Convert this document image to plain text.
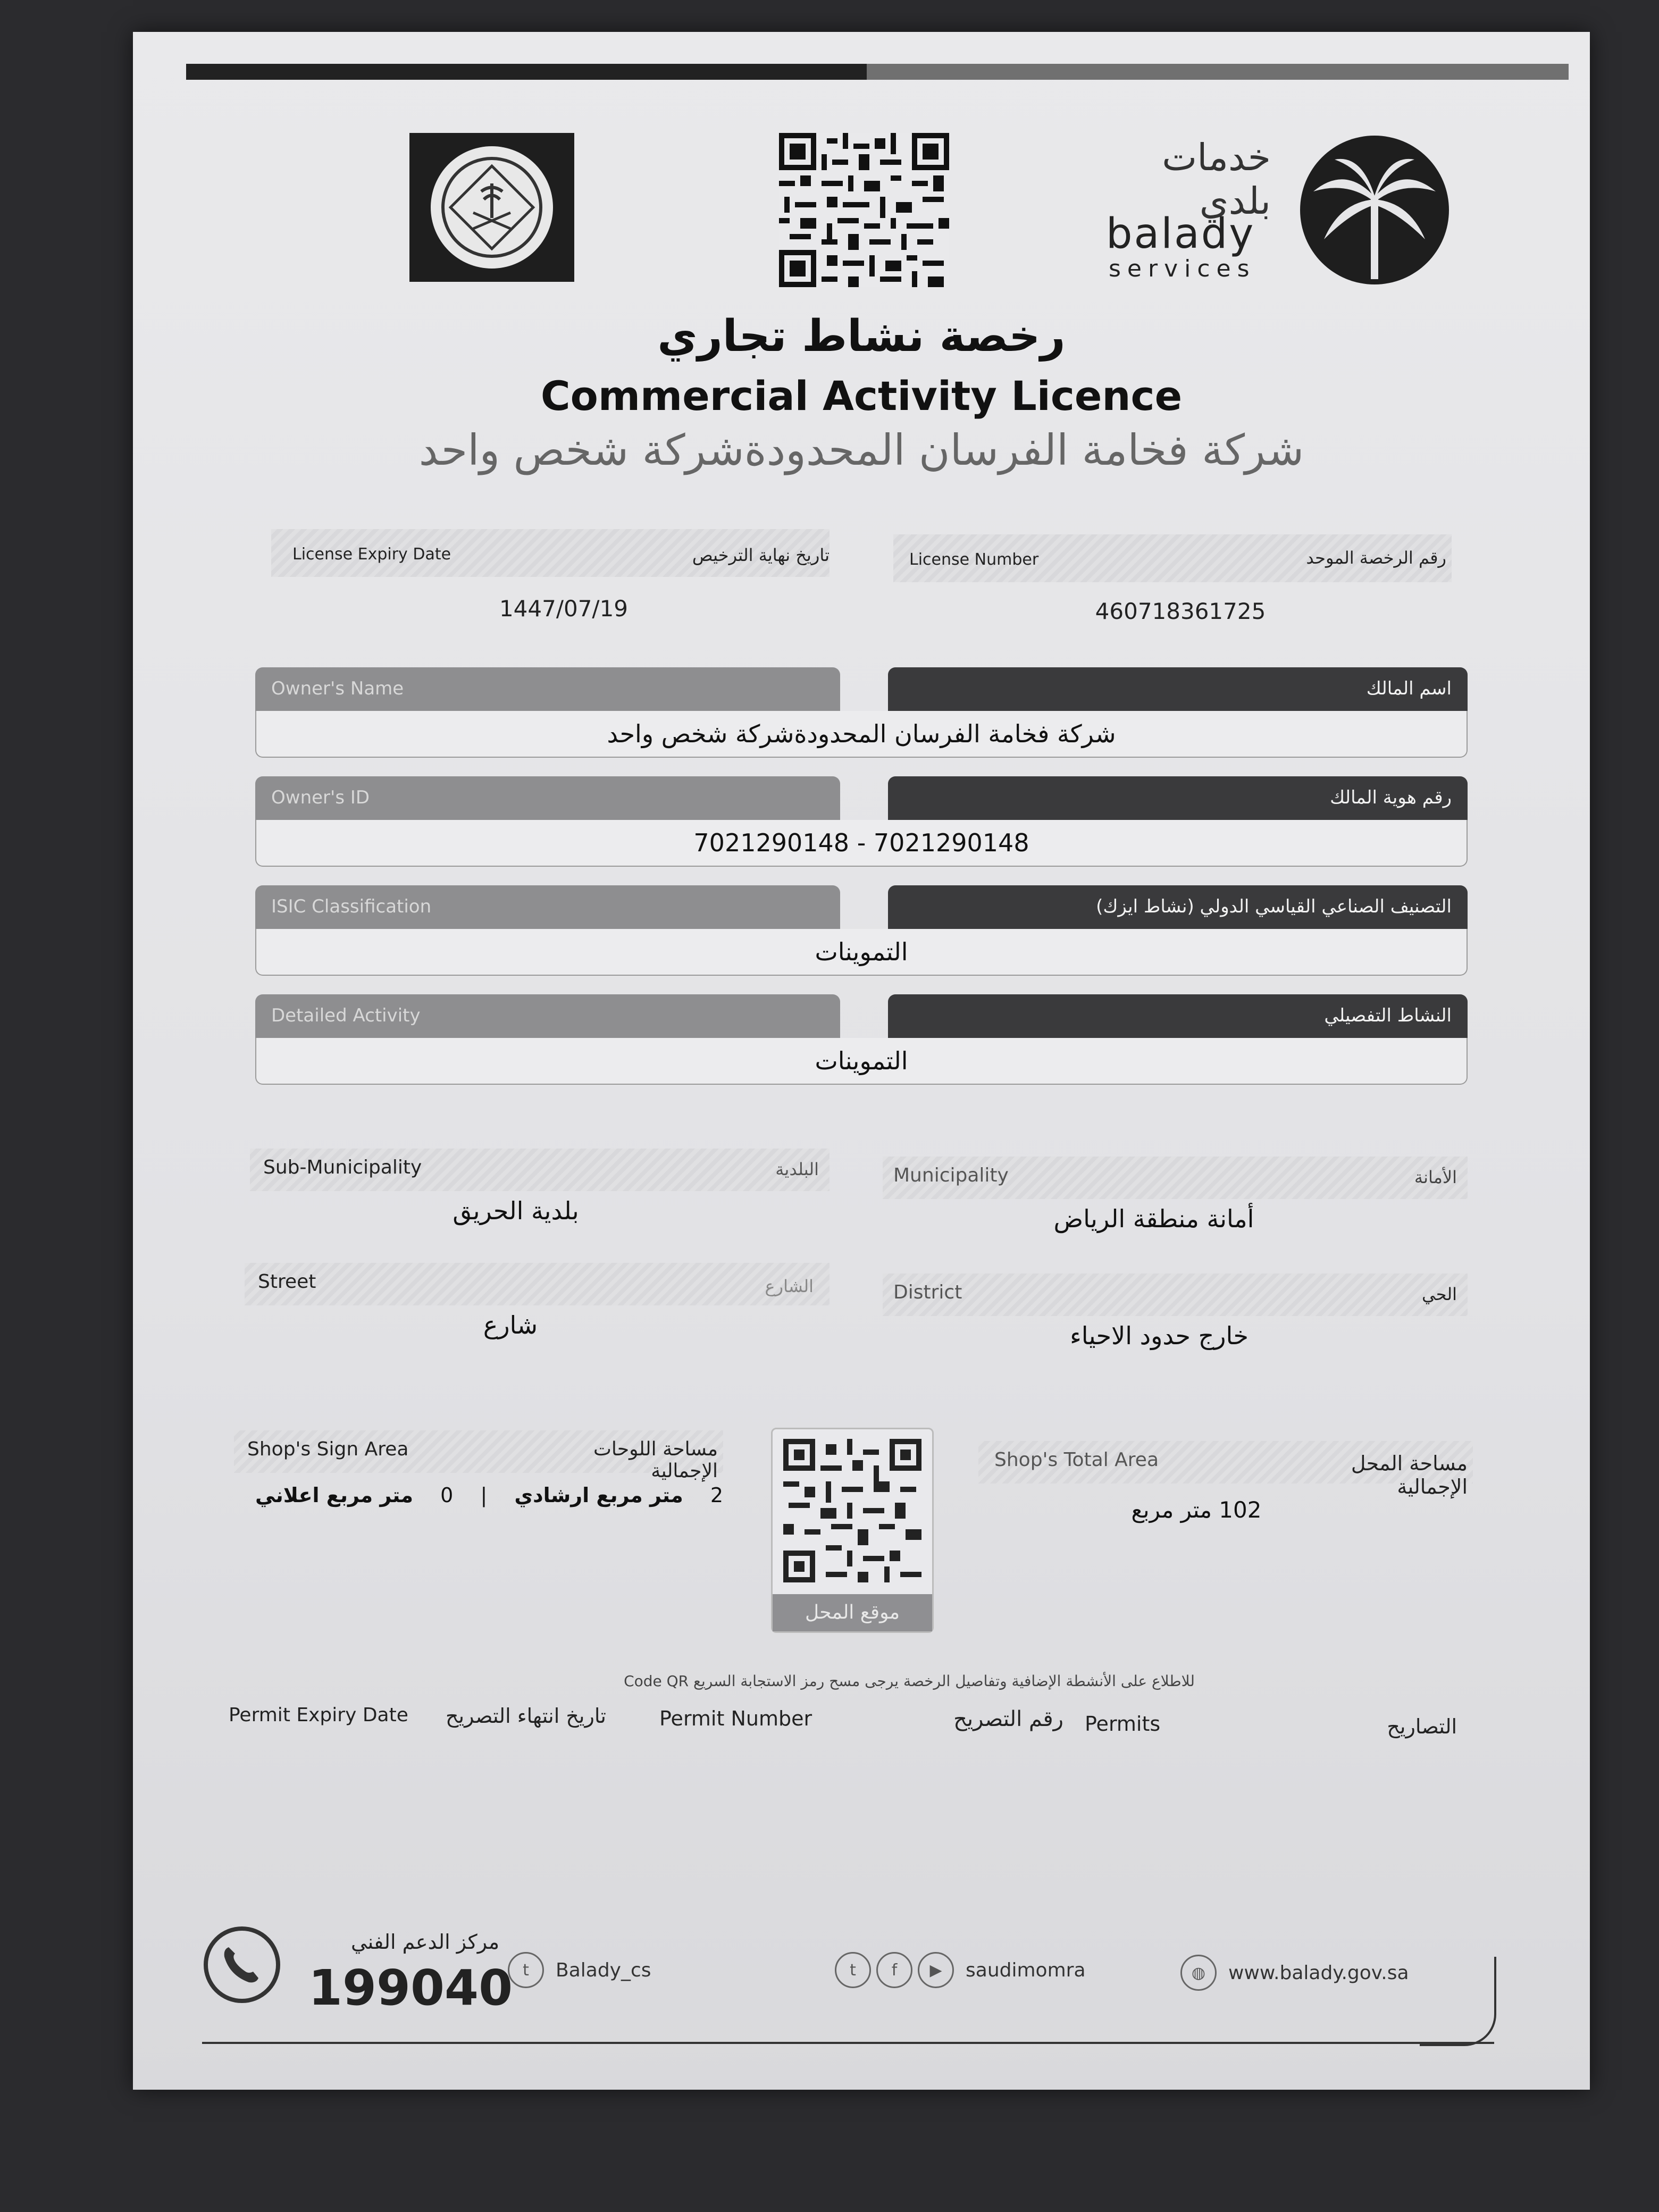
خدمات بلدي
balady
services
رخصة نشاط تجاري
Commercial Activity Licence
شركة فخامة الفرسان المحدودةشركة شخص واحد
License Expiry Date	تاريخ نهاية الترخيص
1447/07/19
License Number	رقم الرخصة الموحد
460718361725
Owner's Name	اسم المالك
شركة فخامة الفرسان المحدودةشركة شخص واحد
Owner's ID	رقم هوية المالك
7021290148 - 7021290148
ISIC Classification	التصنيف الصناعي القياسي الدولي (نشاط ايزك)
التموينات
Detailed Activity	النشاط التفصيلي
التموينات
Sub-Municipality	البلدية
بلدية الحريق
Municipality	الأمانة
أمانة منطقة الرياض
Street	الشارع
شارع
District	الحي
خارج حدود الاحياء
Shop's Sign Area	مساحة اللوحات الإجمالية
2
متر مربع ارشادي
|
0
متر مربع اعلاني
موقع المحل
Shop's Total Area	مساحة المحل الإجمالية
102 متر مربع
للاطلاع على الأنشطة الإضافية وتفاصيل الرخصة يرجى مسح رمز الاستجابة السريع Code QR
Permit Expiry Date تاريخ انتهاء التصريح	Permit Number	رقم التصريح Permits	التصاريح
مركز الدعم الفني
199040 t	Balady_cs	t	f	▶	saudimomra	◍	www.balady.gov.sa
